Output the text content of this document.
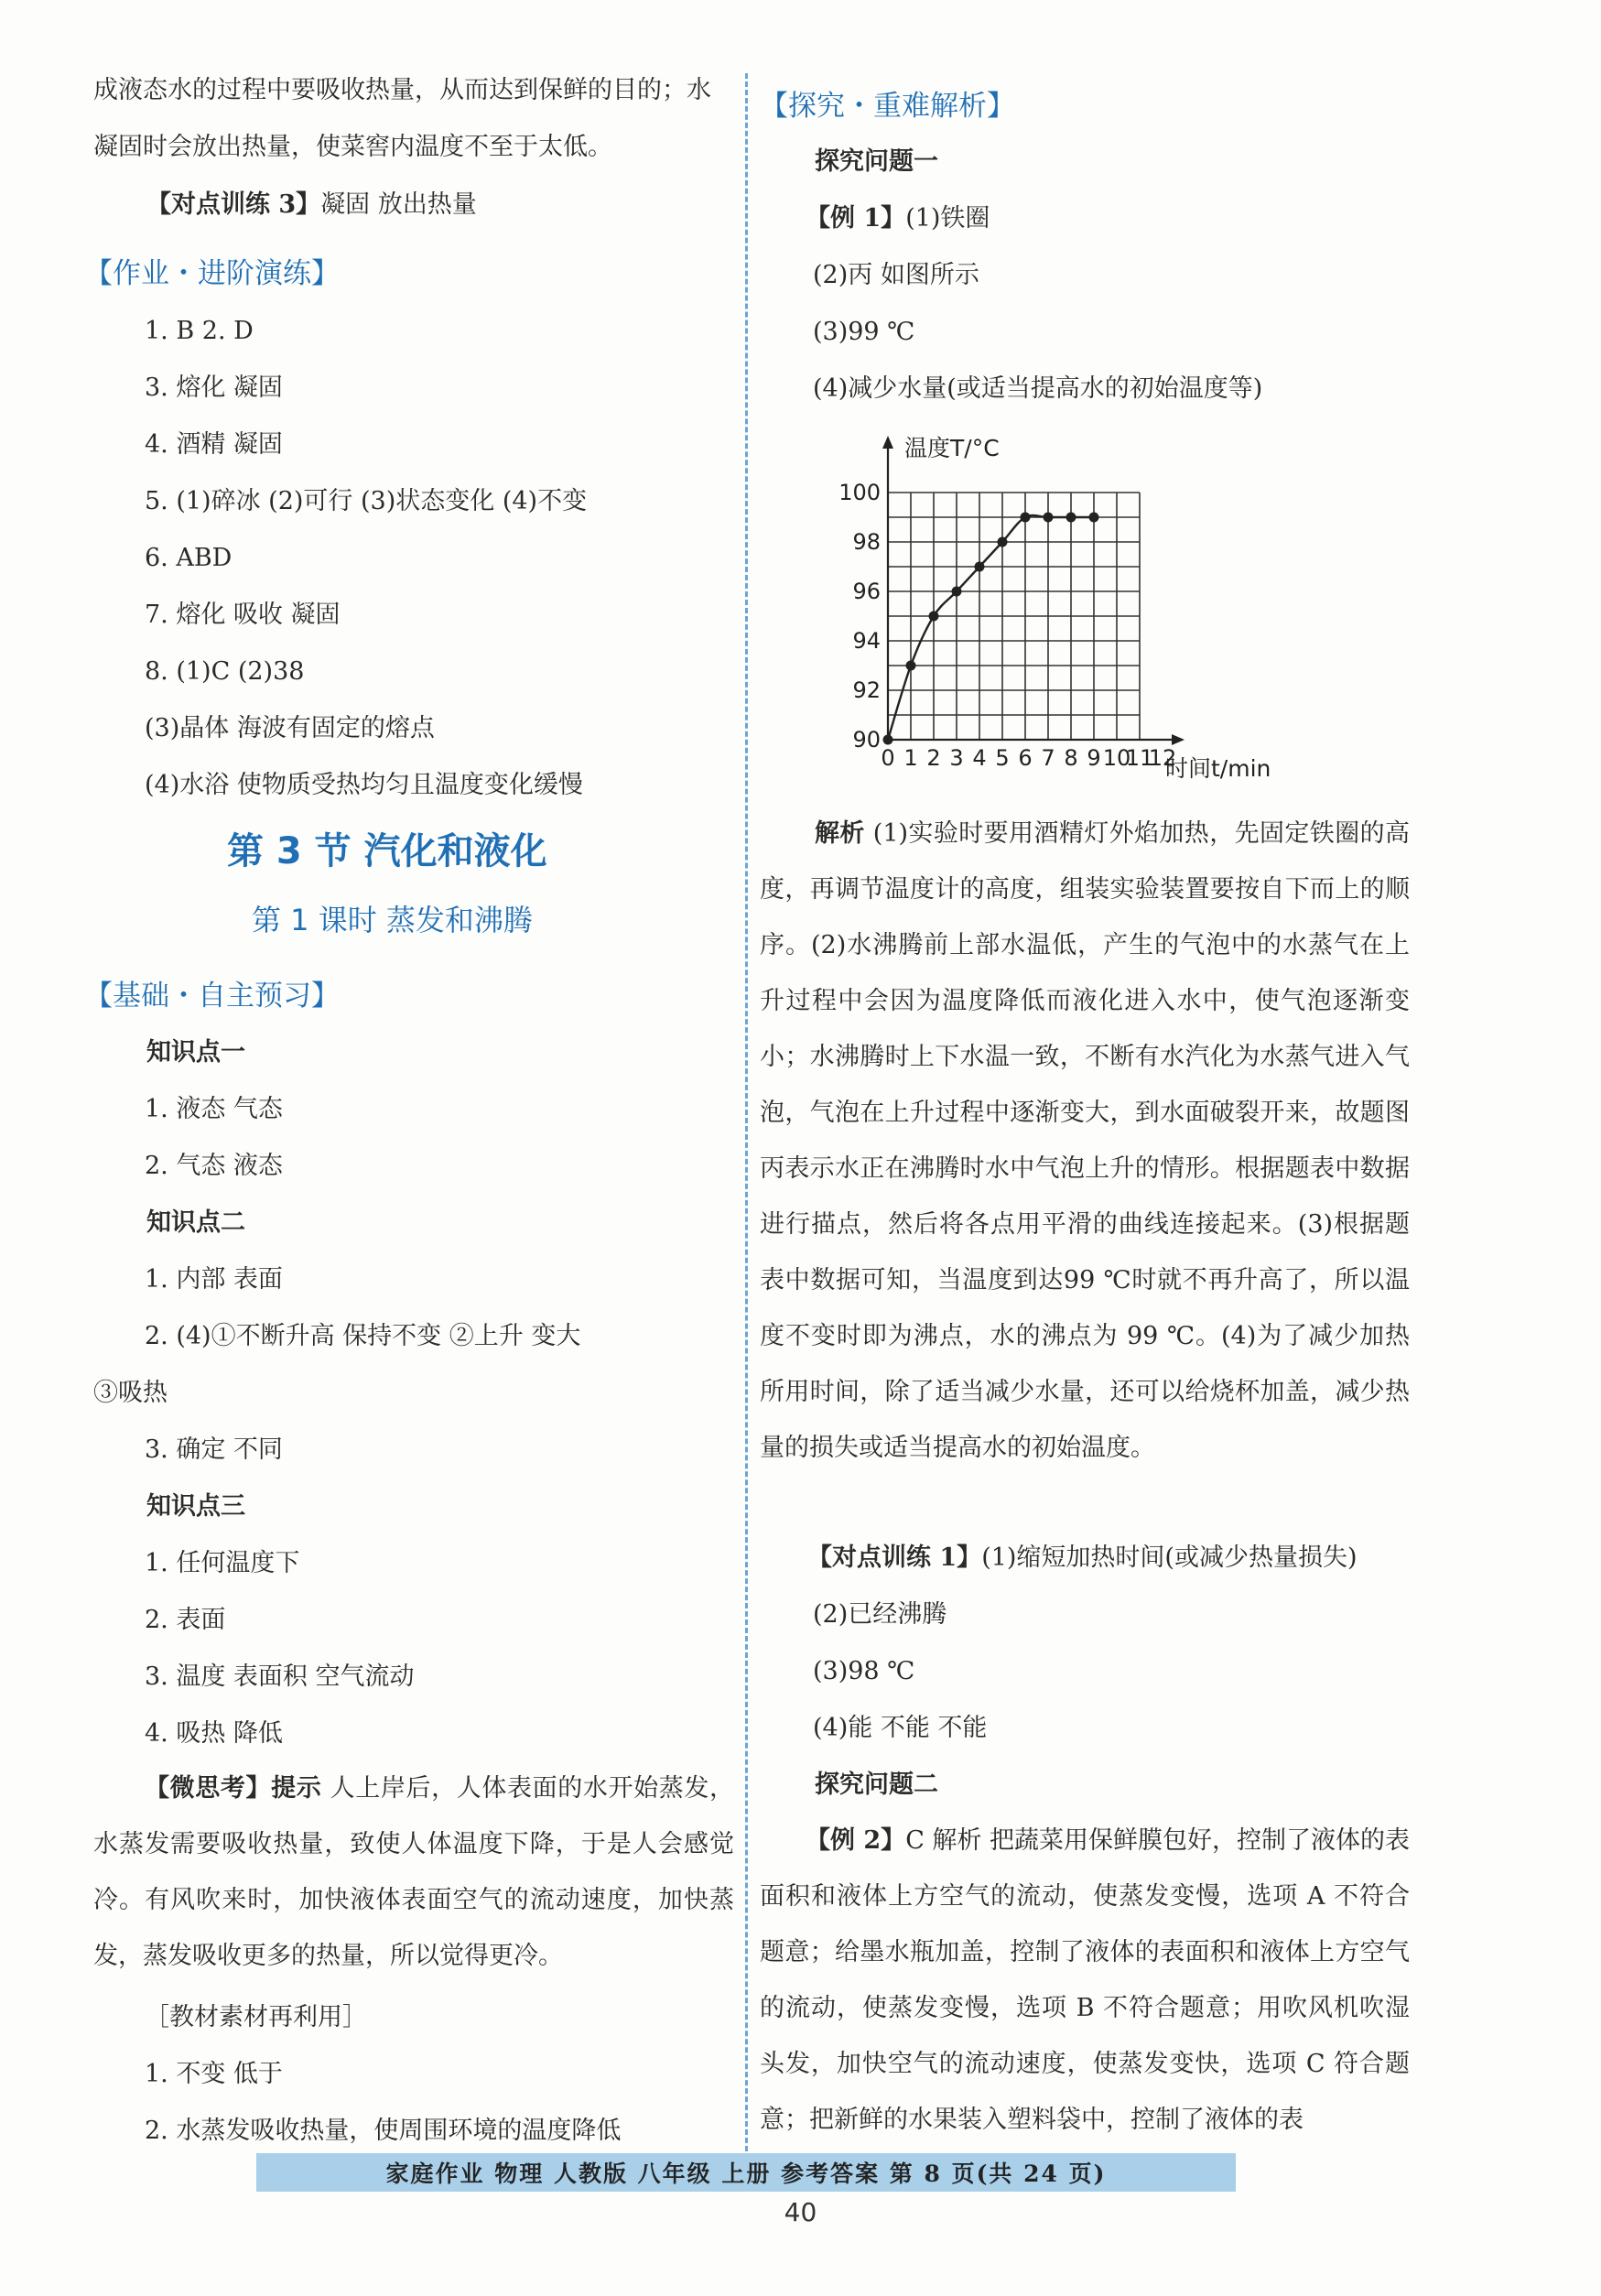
成液态水的过程中要吸收热量，从而达到保鲜的目的；水
凝固时会放出热量，使菜窖内温度不至于太低。
【对点训练 3】凝固 放出热量
【作业・进阶演练】
1. B 2. D
3. 熔化 凝固
4. 酒精 凝固
5. (1)碎冰 (2)可行 (3)状态变化 (4)不变
6. ABD
7. 熔化 吸收 凝固
8. (1)C (2)38
(3)晶体 海波有固定的熔点
(4)水浴 使物质受热均匀且温度变化缓慢
第 3 节 汽化和液化
第 1 课时 蒸发和沸腾
【基础・自主预习】
知识点一
1. 液态 气态
2. 气态 液态
知识点二
1. 内部 表面
2. (4)①不断升高 保持不变 ②上升 变大
③吸热
3. 确定 不同
知识点三
1. 任何温度下
2. 表面
3. 温度 表面积 空气流动
4. 吸热 降低
【微思考】提示 人上岸后，人体表面的水开始蒸发，水蒸发需要吸收热量，致使人体温度下降，于是人会感觉冷。有风吹来时，加快液体表面空气的流动速度，加快蒸发，蒸发吸收更多的热量，所以觉得更冷。
［教材素材再利用］
1. 不变 低于
2. 水蒸发吸收热量，使周围环境的温度降低
【探究・重难解析】
探究问题一
【例 1】(1)铁圈
(2)丙 如图所示
(3)99 ℃
(4)减少水量(或适当提高水的初始温度等)
90
92
94
96
98
100
0 1 2 3 4 5 6 7 8 9 10
11
12
温度T/°C
时间t/min
解析 (1)实验时要用酒精灯外焰加热，先固定铁圈的高度，再调节温度计的高度，组装实验装置要按自下而上的顺序。(2)水沸腾前上部水温低，产生的气泡中的水蒸气在上升过程中会因为温度降低而液化进入水中，使气泡逐渐变小；水沸腾时上下水温一致，不断有水汽化为水蒸气进入气泡，气泡在上升过程中逐渐变大，到水面破裂开来，故题图丙表示水正在沸腾时水中气泡上升的情形。根据题表中数据进行描点，然后将各点用平滑的曲线连接起来。(3)根据题表中数据可知，当温度到达99 ℃时就不再升高了，所以温度不变时即为沸点，水的沸点为 99 ℃。(4)为了减少加热所用时间，除了适当减少水量，还可以给烧杯加盖，减少热量的损失或适当提高水的初始温度。
【对点训练 1】(1)缩短加热时间(或减少热量损失)
(2)已经沸腾
(3)98 ℃
(4)能 不能 不能
探究问题二
【例 2】C 解析 把蔬菜用保鲜膜包好，控制了液体的表面积和液体上方空气的流动，使蒸发变慢，选项 A 不符合题意；给墨水瓶加盖，控制了液体的表面积和液体上方空气的流动，使蒸发变慢，选项 B 不符合题意；用吹风机吹湿头发，加快空气的流动速度，使蒸发变快，选项 C 符合题意；把新鲜的水果装入塑料袋中，控制了液体的表
家庭作业 物理 人教版 八年级 上册 参考答案 第 8 页(共 24 页)
40
